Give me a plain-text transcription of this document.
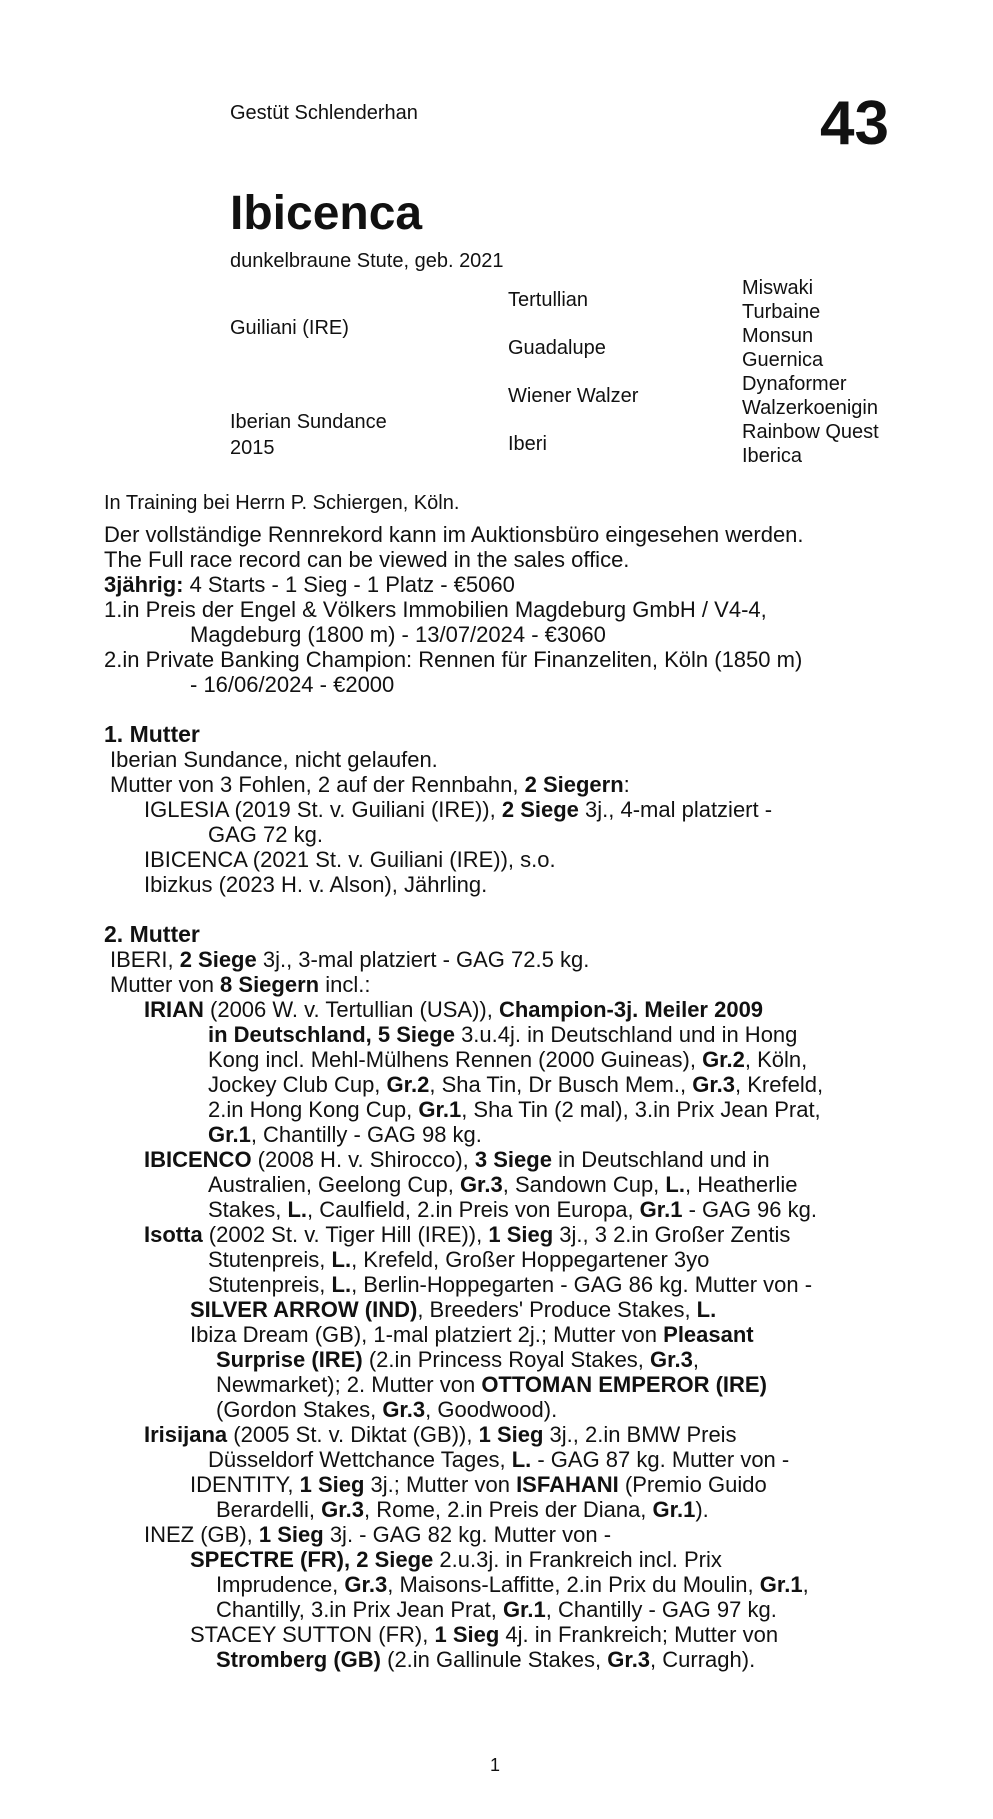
Gestüt Schlenderhan	43
Ibicenca
dunkelbraune Stute, geb. 2021
Guiliani (IRE)
Iberian Sundance
2015
Tertullian
Guadalupe
Wiener Walzer
Iberi
Miswaki
Turbaine
Monsun
Guernica
Dynaformer
Walzerkoenigin
Rainbow Quest
Iberica
In Training bei Herrn P. Schiergen, Köln.
Der vollständige Rennrekord kann im Auktionsbüro eingesehen werden.
The Full race record can be viewed in the sales office.
3jährig: 4 Starts - 1 Sieg - 1 Platz - €5060
1.in Preis der Engel & Völkers Immobilien Magdeburg GmbH / V4-4,
Magdeburg (1800 m) - 13/07/2024 - €3060
2.in Private Banking Champion: Rennen für Finanzeliten, Köln (1850 m)
- 16/06/2024 - €2000
1. Mutter
Iberian Sundance, nicht gelaufen.
Mutter von 3 Fohlen, 2 auf der Rennbahn, 2 Siegern:
IGLESIA (2019 St. v. Guiliani (IRE)), 2 Siege 3j., 4-mal platziert -
GAG 72 kg.
IBICENCA (2021 St. v. Guiliani (IRE)), s.o.
Ibizkus (2023 H. v. Alson), Jährling.
2. Mutter
IBERI, 2 Siege 3j., 3-mal platziert - GAG 72.5 kg.
Mutter von 8 Siegern incl.:
IRIAN (2006 W. v. Tertullian (USA)), Champion-3j. Meiler 2009
in Deutschland, 5 Siege 3.u.4j. in Deutschland und in Hong
Kong incl. Mehl-Mülhens Rennen (2000 Guineas), Gr.2, Köln,
Jockey Club Cup, Gr.2, Sha Tin, Dr Busch Mem., Gr.3, Krefeld,
2.in Hong Kong Cup, Gr.1, Sha Tin (2 mal), 3.in Prix Jean Prat,
Gr.1, Chantilly - GAG 98 kg.
IBICENCO (2008 H. v. Shirocco), 3 Siege in Deutschland und in
Australien, Geelong Cup, Gr.3, Sandown Cup, L., Heatherlie
Stakes, L., Caulfield, 2.in Preis von Europa, Gr.1 - GAG 96 kg.
Isotta (2002 St. v. Tiger Hill (IRE)), 1 Sieg 3j., 3 2.in Großer Zentis
Stutenpreis, L., Krefeld, Großer Hoppegartener 3yo
Stutenpreis, L., Berlin-Hoppegarten - GAG 86 kg. Mutter von -
SILVER ARROW (IND), Breeders' Produce Stakes, L.
Ibiza Dream (GB), 1-mal platziert 2j.; Mutter von Pleasant
Surprise (IRE) (2.in Princess Royal Stakes, Gr.3,
Newmarket); 2. Mutter von OTTOMAN EMPEROR (IRE)
(Gordon Stakes, Gr.3, Goodwood).
Irisijana (2005 St. v. Diktat (GB)), 1 Sieg 3j., 2.in BMW Preis
Düsseldorf Wettchance Tages, L. - GAG 87 kg. Mutter von -
IDENTITY, 1 Sieg 3j.; Mutter von ISFAHANI (Premio Guido
Berardelli, Gr.3, Rome, 2.in Preis der Diana, Gr.1).
INEZ (GB), 1 Sieg 3j. - GAG 82 kg. Mutter von -
SPECTRE (FR), 2 Siege 2.u.3j. in Frankreich incl. Prix
Imprudence, Gr.3, Maisons-Laffitte, 2.in Prix du Moulin, Gr.1,
Chantilly, 3.in Prix Jean Prat, Gr.1, Chantilly - GAG 97 kg.
STACEY SUTTON (FR), 1 Sieg 4j. in Frankreich; Mutter von
Stromberg (GB) (2.in Gallinule Stakes, Gr.3, Curragh).
1
